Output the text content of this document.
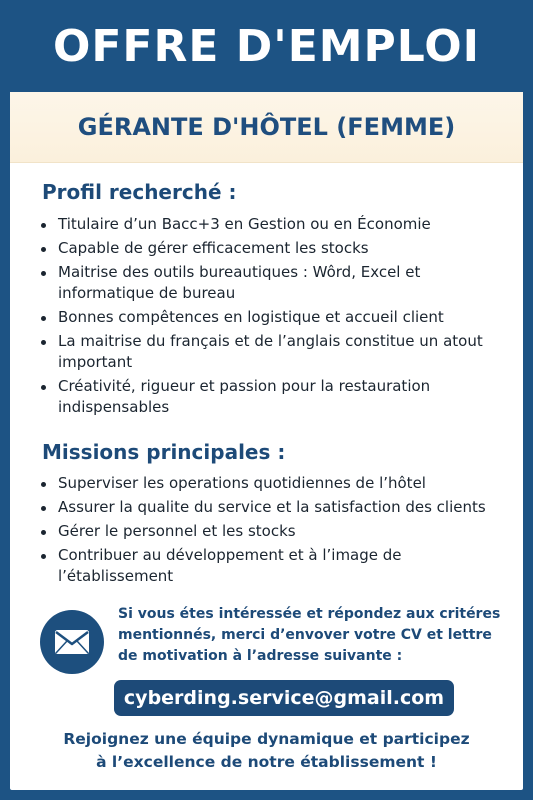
OFFRE D'EMPLOI
GÉRANTE D'HÔTEL (FEMME)
Profil recherché :
Titulaire d’un Bacc+3 en Gestion ou en Économie
Capable de gérer efficacement les stocks
Maitrise des outils bureautiques : Wôrd, Excel et informatique de bureau
Bonnes compêtences en logistique et accueil client
La maitrise du français et de l’anglais constitue un atout important
Créativité, rigueur et passion pour la restauration indispensables
Missions principales :
Superviser les operations quotidiennes de l’hôtel
Assurer la qualite du service et la satisfaction des clients
Gérer le personnel et les stocks
Contribuer au développement et à l’image de l’établissement
Si vous étes intéressée et répondez aux critéres mentionnés, merci d’envover votre CV et lettre de motivation à l’adresse suivante :
cyberding.service@gmail.com
Rejoignez une équipe dynamique et participez
à l’excellence de notre établissement !
